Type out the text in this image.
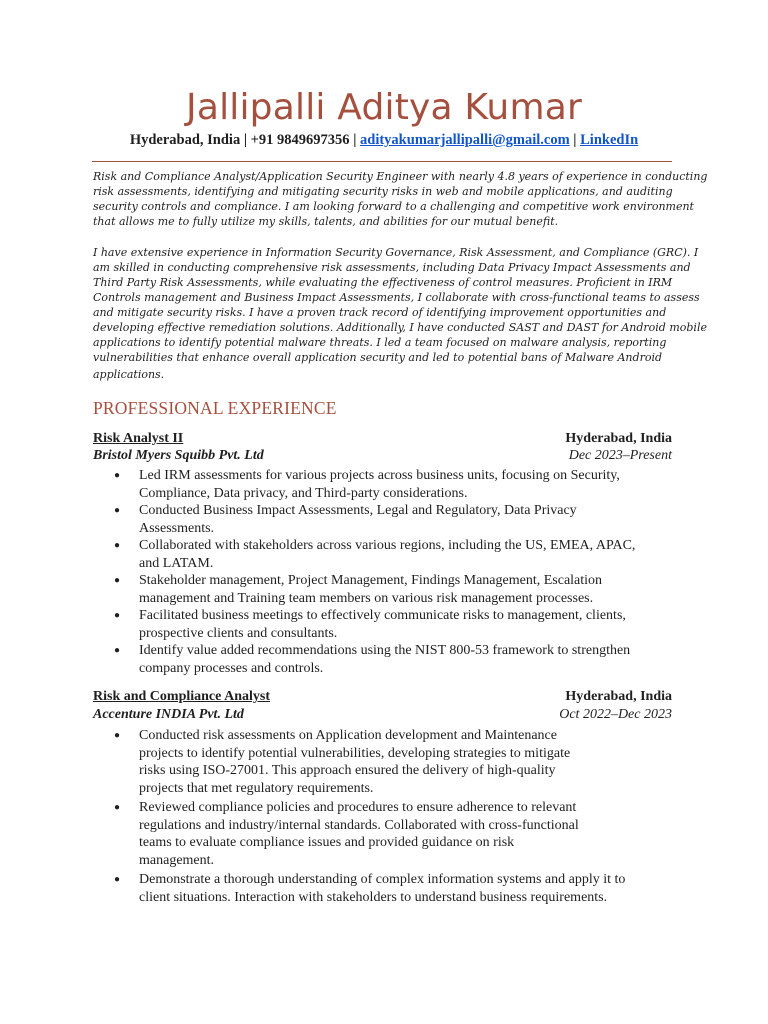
Jallipalli Aditya Kumar
Hyderabad, India | +91 9849697356 | adityakumarjallipalli@gmail.com | LinkedIn
Risk and Compliance Analyst/Application Security Engineer with nearly 4.8 years of experience in conducting
risk assessments, identifying and mitigating security risks in web and mobile applications, and auditing
security controls and compliance. I am looking forward to a challenging and competitive work environment
that allows me to fully utilize my skills, talents, and abilities for our mutual benefit.
I have extensive experience in Information Security Governance, Risk Assessment, and Compliance (GRC). I
am skilled in conducting comprehensive risk assessments, including Data Privacy Impact Assessments and
Third Party Risk Assessments, while evaluating the effectiveness of control measures. Proficient in IRM
Controls management and Business Impact Assessments, I collaborate with cross-functional teams to assess
and mitigate security risks. I have a proven track record of identifying improvement opportunities and
developing effective remediation solutions. Additionally, I have conducted SAST and DAST for Android mobile
applications to identify potential malware threats. I led a team focused on malware analysis, reporting
vulnerabilities that enhance overall application security and led to potential bans of Malware Android
applications.
PROFESSIONAL EXPERIENCE
Risk Analyst II	Hyderabad, India
Bristol Myers Squibb Pvt. Ltd	Dec 2023–Present
● Led IRM assessments for various projects across business units, focusing on Security,
Compliance, Data privacy, and Third-party considerations.
● Conducted Business Impact Assessments, Legal and Regulatory, Data Privacy
Assessments.
● Collaborated with stakeholders across various regions, including the US, EMEA, APAC,
and LATAM.
● Stakeholder management, Project Management, Findings Management, Escalation
management and Training team members on various risk management processes.
● Facilitated business meetings to effectively communicate risks to management, clients,
prospective clients and consultants.
● Identify value added recommendations using the NIST 800-53 framework to strengthen
company processes and controls.
Risk and Compliance Analyst	Hyderabad, India
Accenture INDIA Pvt. Ltd	Oct 2022–Dec 2023
● Conducted risk assessments on Application development and Maintenance
projects to identify potential vulnerabilities, developing strategies to mitigate
risks using ISO-27001. This approach ensured the delivery of high-quality
projects that met regulatory requirements.
● Reviewed compliance policies and procedures to ensure adherence to relevant
regulations and industry/internal standards. Collaborated with cross-functional
teams to evaluate compliance issues and provided guidance on risk
management.
● Demonstrate a thorough understanding of complex information systems and apply it to
client situations. Interaction with stakeholders to understand business requirements.
